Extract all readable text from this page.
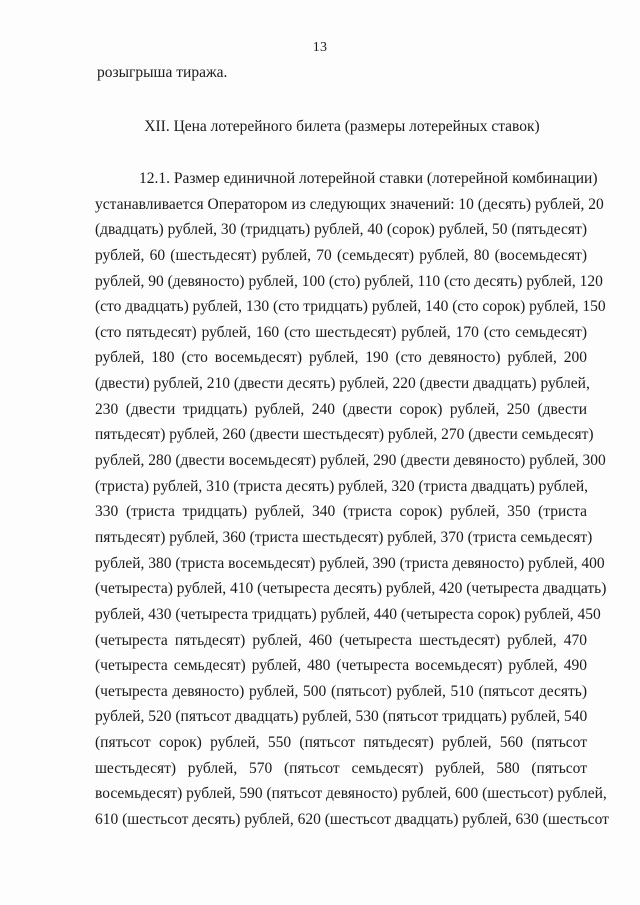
13
розыгрыша тиража.
XII. Цена лотерейного билета (размеры лотерейных ставок)
12.1. Размер единичной лотерейной ставки (лотерейной комбинации)
устанавливается Оператором из следующих значений: 10 (десять) рублей, 20
(двадцать) рублей, 30 (тридцать) рублей, 40 (сорок) рублей, 50 (пятьдесят)
рублей, 60 (шестьдесят) рублей, 70 (семьдесят) рублей, 80 (восемьдесят)
рублей, 90 (девяносто) рублей, 100 (сто) рублей, 110 (сто десять) рублей, 120
(сто двадцать) рублей, 130 (сто тридцать) рублей, 140 (сто сорок) рублей, 150
(сто пятьдесят) рублей, 160 (сто шестьдесят) рублей, 170 (сто семьдесят)
рублей, 180 (сто восемьдесят) рублей, 190 (сто девяносто) рублей, 200
(двести) рублей, 210 (двести десять) рублей, 220 (двести двадцать) рублей,
230 (двести тридцать) рублей, 240 (двести сорок) рублей, 250 (двести
пятьдесят) рублей, 260 (двести шестьдесят) рублей, 270 (двести семьдесят)
рублей, 280 (двести восемьдесят) рублей, 290 (двести девяносто) рублей, 300
(триста) рублей, 310 (триста десять) рублей, 320 (триста двадцать) рублей,
330 (триста тридцать) рублей, 340 (триста сорок) рублей, 350 (триста
пятьдесят) рублей, 360 (триста шестьдесят) рублей, 370 (триста семьдесят)
рублей, 380 (триста восемьдесят) рублей, 390 (триста девяносто) рублей, 400
(четыреста) рублей, 410 (четыреста десять) рублей, 420 (четыреста двадцать)
рублей, 430 (четыреста тридцать) рублей, 440 (четыреста сорок) рублей, 450
(четыреста пятьдесят) рублей, 460 (четыреста шестьдесят) рублей, 470
(четыреста семьдесят) рублей, 480 (четыреста восемьдесят) рублей, 490
(четыреста девяносто) рублей, 500 (пятьсот) рублей, 510 (пятьсот десять)
рублей, 520 (пятьсот двадцать) рублей, 530 (пятьсот тридцать) рублей, 540
(пятьсот сорок) рублей, 550 (пятьсот пятьдесят) рублей, 560 (пятьсот
шестьдесят) рублей, 570 (пятьсот семьдесят) рублей, 580 (пятьсот
восемьдесят) рублей, 590 (пятьсот девяносто) рублей, 600 (шестьсот) рублей,
610 (шестьсот десять) рублей, 620 (шестьсот двадцать) рублей, 630 (шестьсот
